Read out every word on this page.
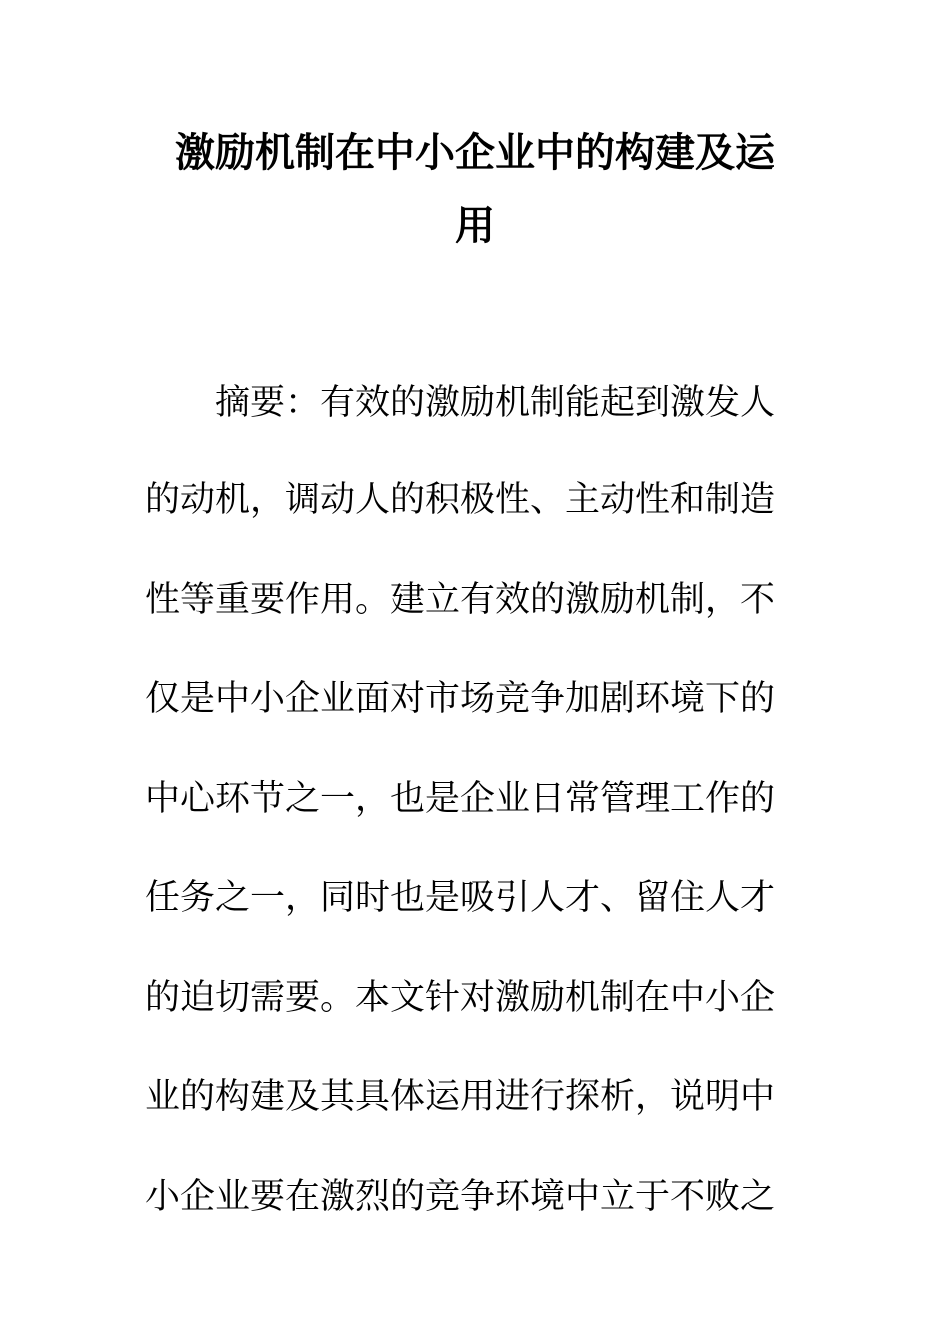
激励机制在中小企业中的构建及运
用

摘要：有效的激励机制能起到激发人

的动机，调动人的积极性、主动性和制造

性等重要作用。建立有效的激励机制，不

仅是中小企业面对市场竞争加剧环境下的

中心环节之一，也是企业日常管理工作的

任务之一，同时也是吸引人才、留住人才

的迫切需要。本文针对激励机制在中小企

业的构建及其具体运用进行探析，说明中

小企业要在激烈的竞争环境中立于不败之
